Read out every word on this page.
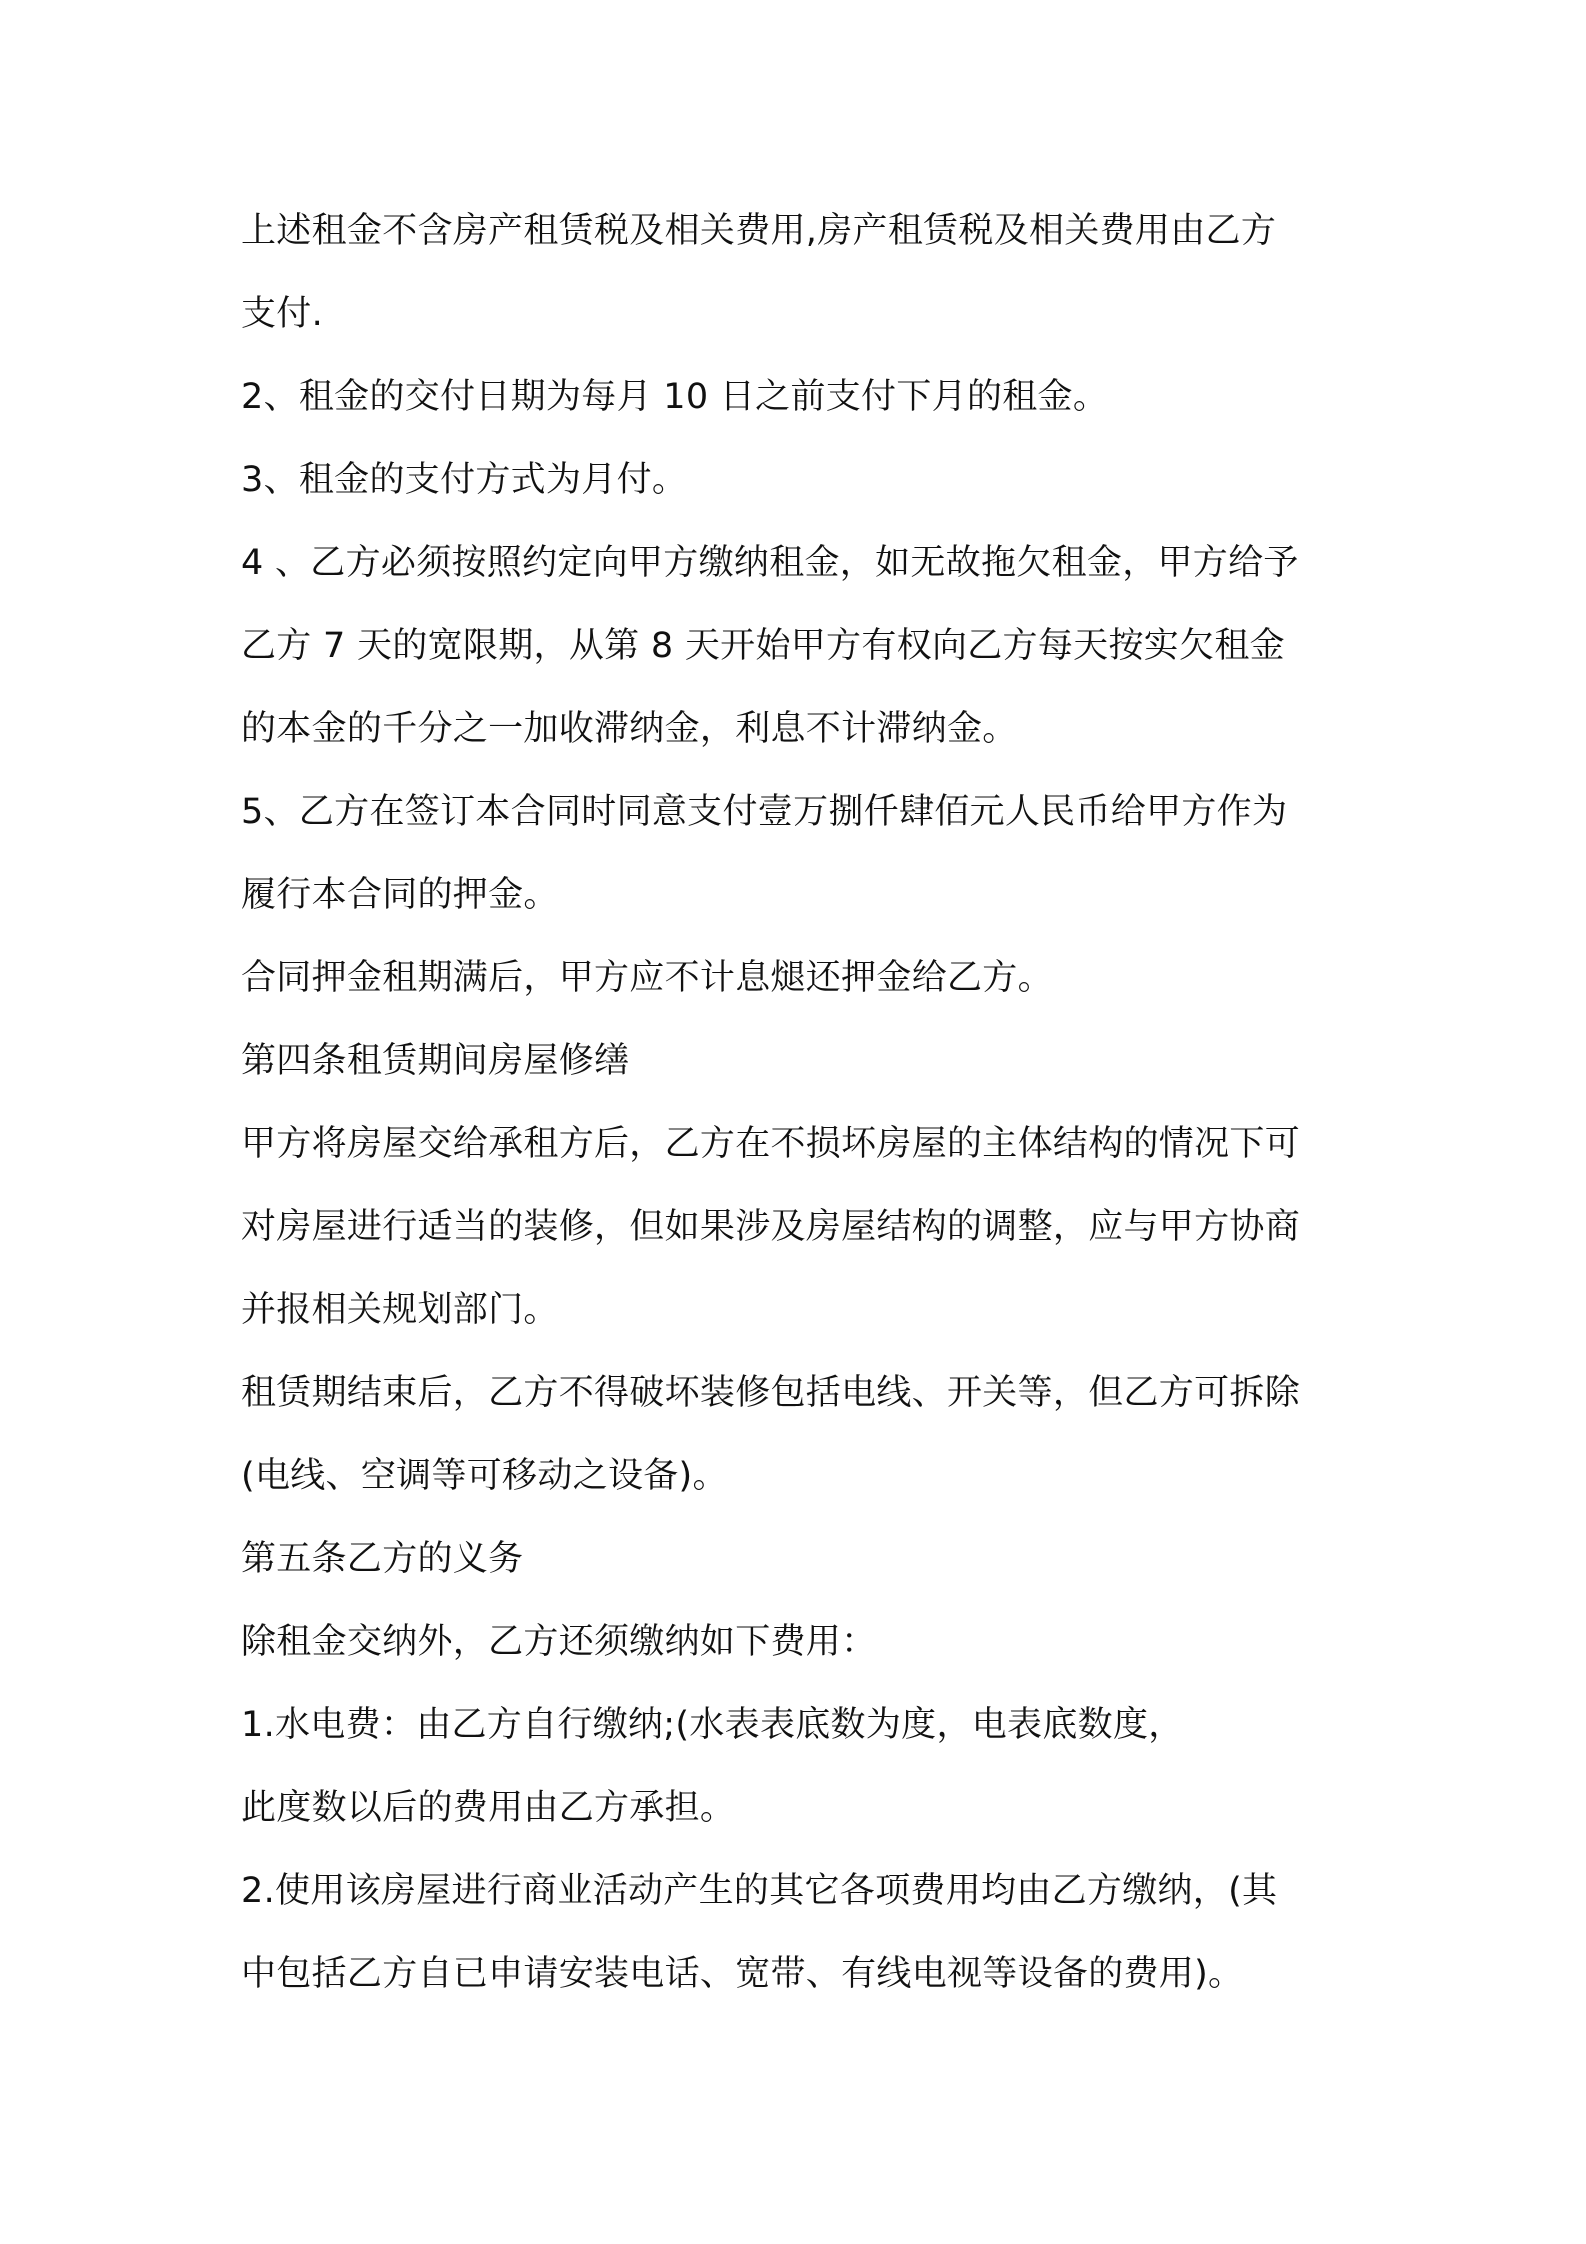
上述租金不含房产租赁税及相关费用,房产租赁税及相关费用由乙方
支付.
2、租金的交付日期为每月 10 日之前支付下月的租金。
3、租金的支付方式为月付。
4 、乙方必须按照约定向甲方缴纳租金，如无故拖欠租金，甲方给予
乙方 7 天的宽限期，从第 8 天开始甲方有权向乙方每天按实欠租金
的本金的千分之一加收滞纳金，利息不计滞纳金。
5、乙方在签订本合同时同意支付壹万捌仟肆佰元人民币给甲方作为
履行本合同的押金。
合同押金租期满后，甲方应不计息煺还押金给乙方。
第四条租赁期间房屋修缮
甲方将房屋交给承租方后，乙方在不损坏房屋的主体结构的情况下可
对房屋进行适当的装修，但如果涉及房屋结构的调整，应与甲方协商
并报相关规划部门。
租赁期结束后，乙方不得破坏装修包括电线、开关等，但乙方可拆除
(电线、空调等可移动之设备)。
第五条乙方的义务
除租金交纳外，乙方还须缴纳如下费用：
1.水电费：由乙方自行缴纳;(水表表底数为度，电表底数度，
此度数以后的费用由乙方承担。
2.使用该房屋进行商业活动产生的其它各项费用均由乙方缴纳，(其
中包括乙方自已申请安装电话、宽带、有线电视等设备的费用)。
